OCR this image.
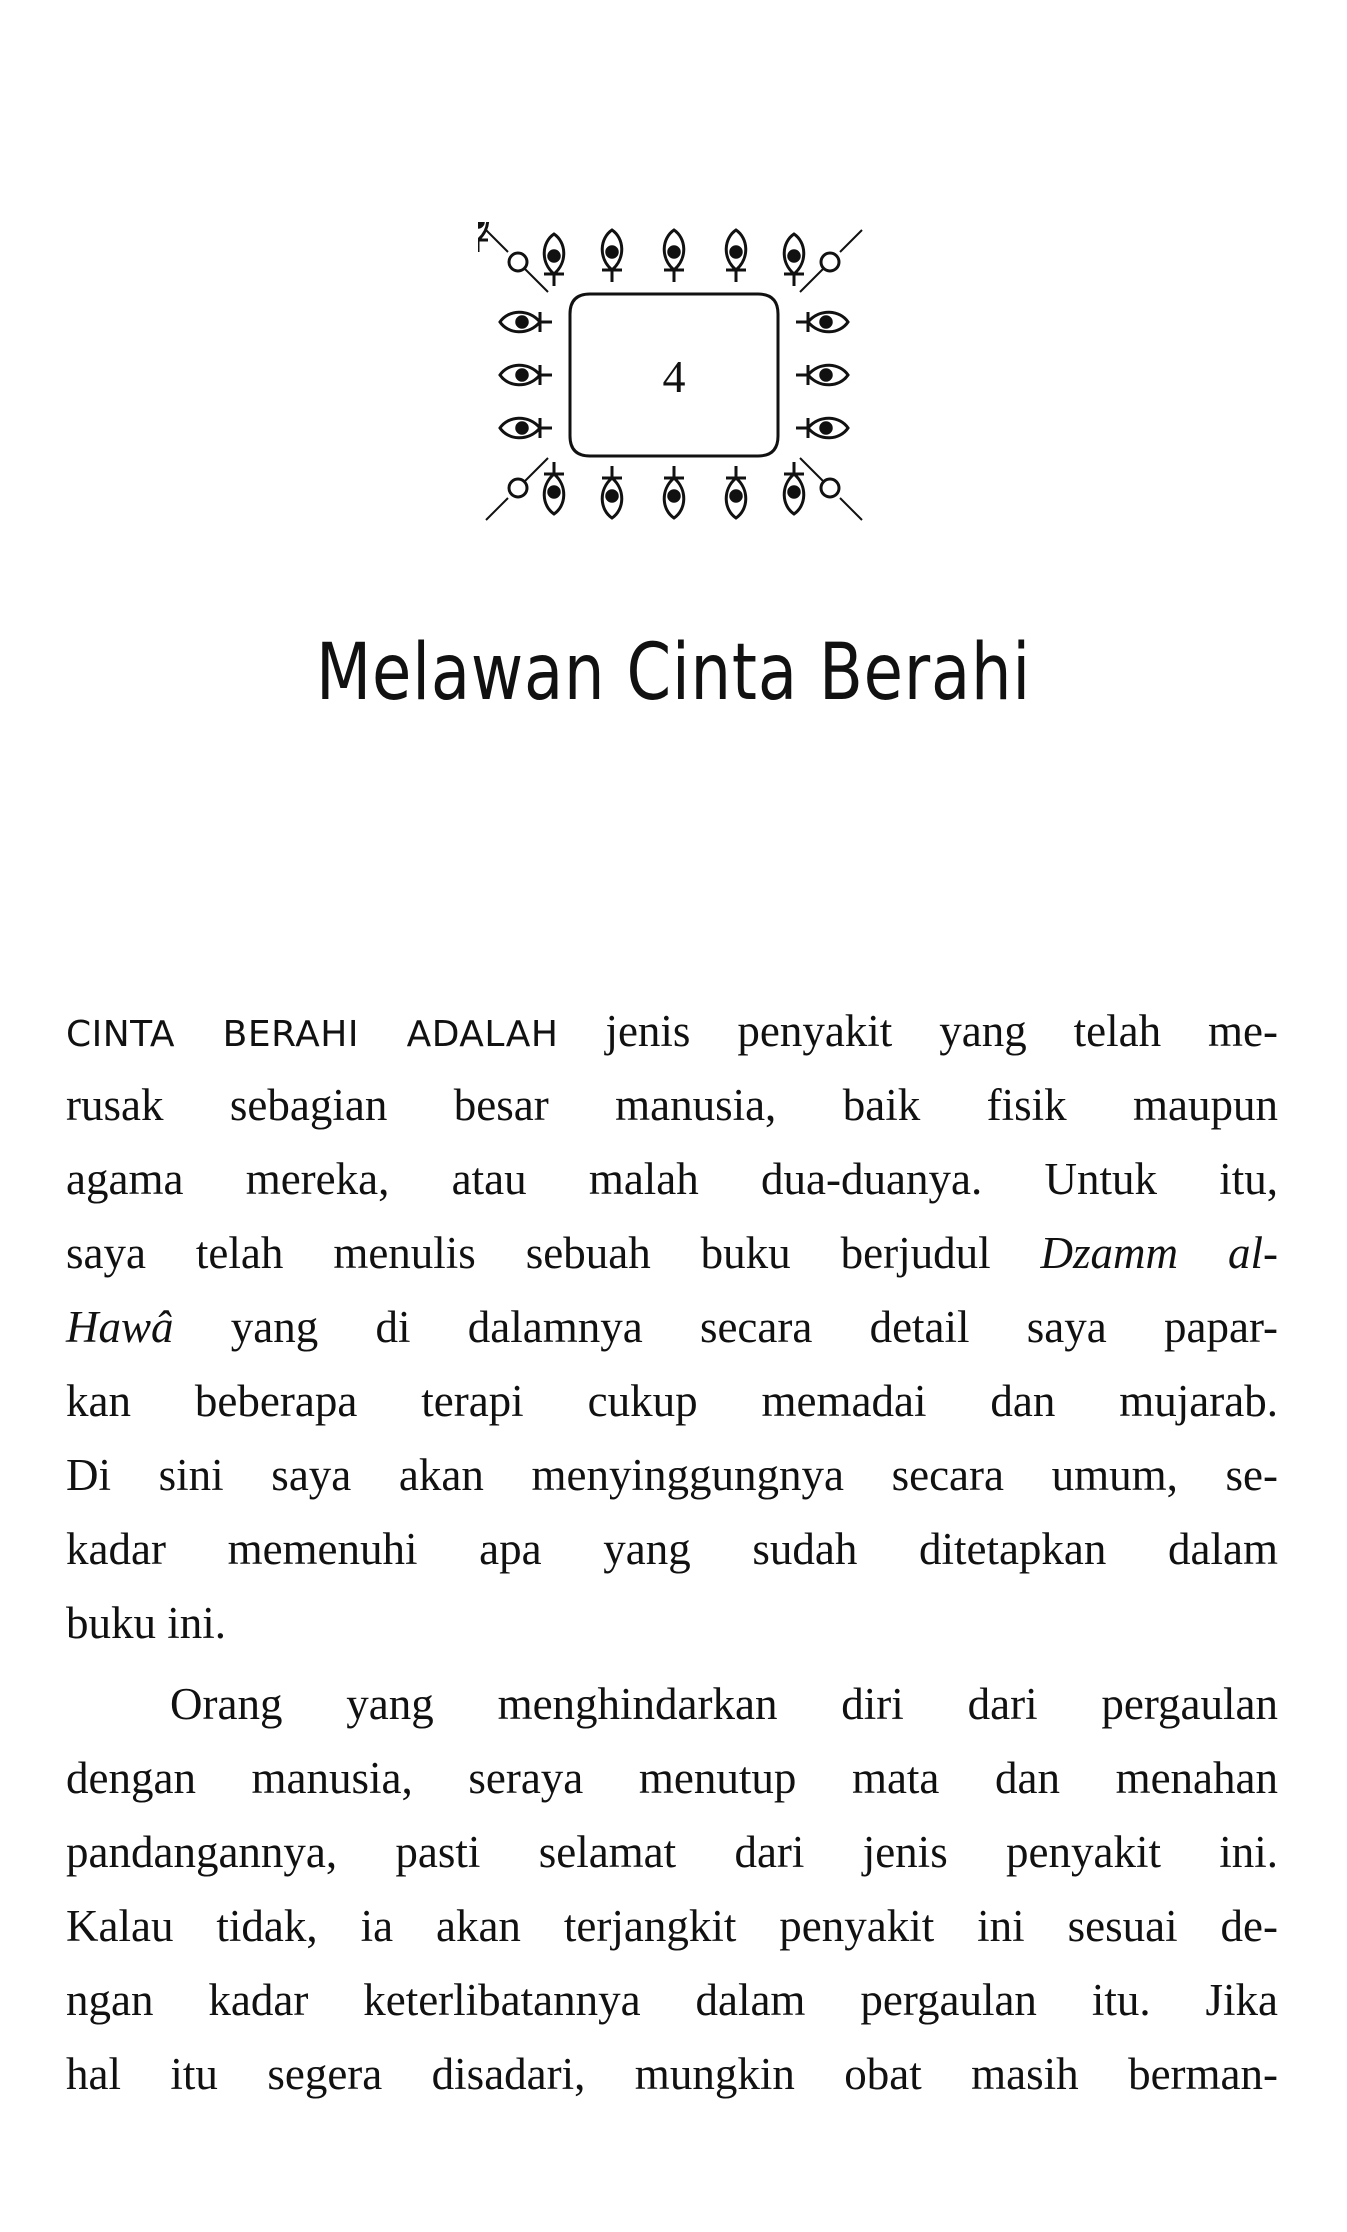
4
Melawan Cinta Berahi
CINTA BERAHI ADALAH jenis penyakit yang telah me-
rusak sebagian besar manusia, baik fisik maupun
agama mereka, atau malah dua-duanya. Untuk itu,
saya telah menulis sebuah buku berjudul Dzamm al-
Hawâ yang di dalamnya secara detail saya papar-
kan beberapa terapi cukup memadai dan mujarab.
Di sini saya akan menyinggungnya secara umum, se-
kadar memenuhi apa yang sudah ditetapkan dalam
buku ini.
Orang yang menghindarkan diri dari pergaulan
dengan manusia, seraya menutup mata dan menahan
pandangannya, pasti selamat dari jenis penyakit ini.
Kalau tidak, ia akan terjangkit penyakit ini sesuai de-
ngan kadar keterlibatannya dalam pergaulan itu. Jika
hal itu segera disadari, mungkin obat masih berman-
